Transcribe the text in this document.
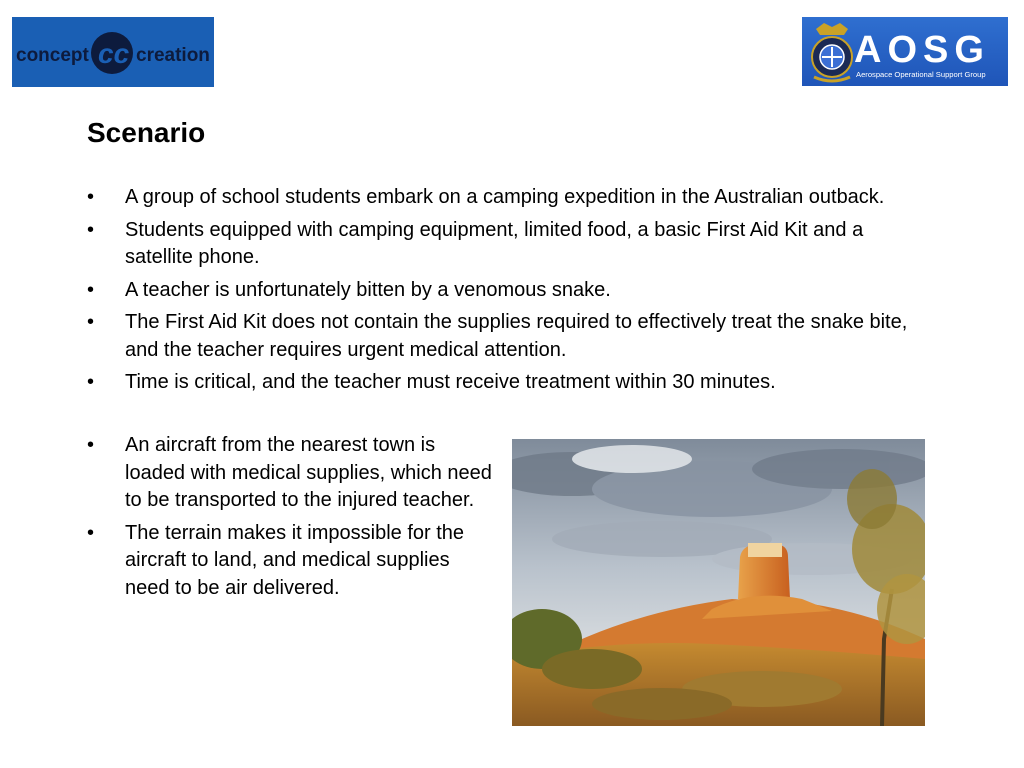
concept cc creation	AOSG
Aerospace Operational Support Group
Scenario
• A group of school students embark on a camping expedition in the Australian outback.
• Students equipped with camping equipment, limited food, a basic First Aid Kit and a satellite phone.
• A teacher is unfortunately bitten by a venomous snake.
• The First Aid Kit does not contain the supplies required to effectively treat the snake bite, and the teacher requires urgent medical attention.
• Time is critical, and the teacher must receive treatment within 30 minutes.
• An aircraft from the nearest town is loaded with medical supplies, which need to be transported to the injured teacher.
• The terrain makes it impossible for the aircraft to land, and medical supplies need to be air delivered.
